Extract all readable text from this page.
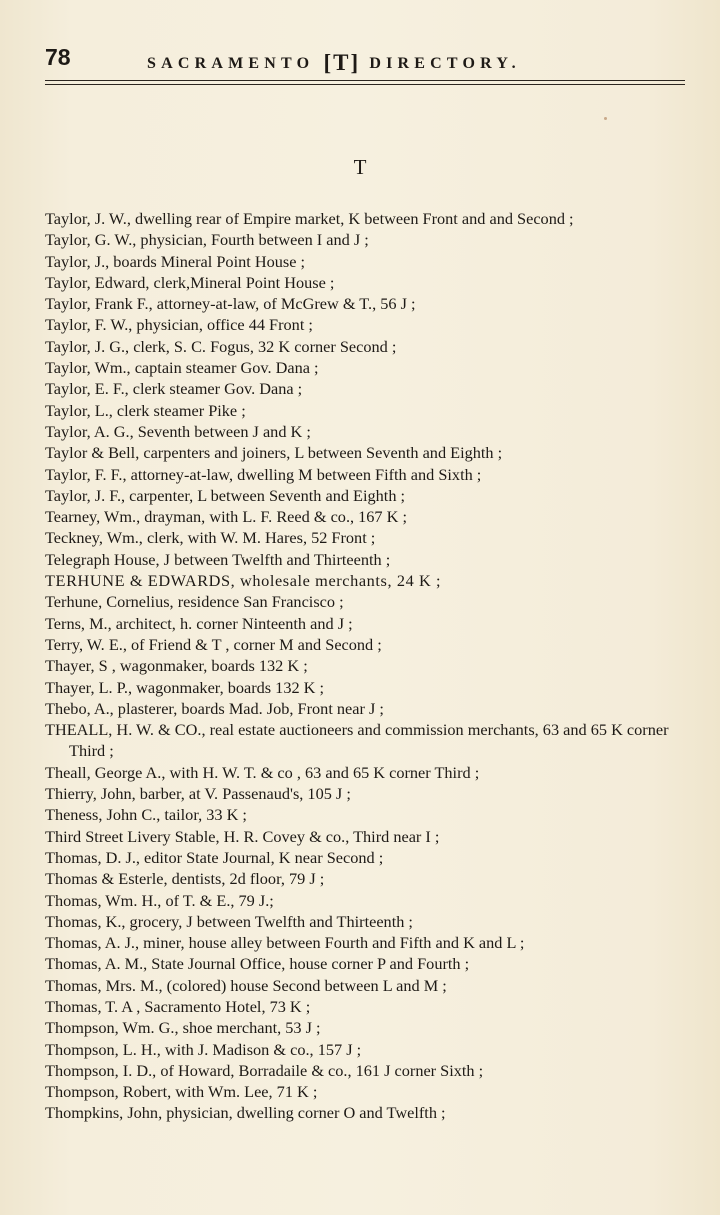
78	SACRAMENTO [T] DIRECTORY.
T
Taylor, J. W., dwelling rear of Empire market, K between Front and and Second ;
Taylor, G. W., physician, Fourth between I and J ;
Taylor, J., boards Mineral Point House ;
Taylor, Edward, clerk,Mineral Point House ;
Taylor, Frank F., attorney-at-law, of McGrew & T., 56 J ;
Taylor, F. W., physician, office 44 Front ;
Taylor, J. G., clerk, S. C. Fogus, 32 K corner Second ;
Taylor, Wm., captain steamer Gov. Dana ;
Taylor, E. F., clerk steamer Gov. Dana ;
Taylor, L., clerk steamer Pike ;
Taylor, A. G., Seventh between J and K ;
Taylor & Bell, carpenters and joiners, L between Seventh and Eighth ;
Taylor, F. F., attorney-at-law, dwelling M between Fifth and Sixth ;
Taylor, J. F., carpenter, L between Seventh and Eighth ;
Tearney, Wm., drayman, with L. F. Reed & co., 167 K ;
Teckney, Wm., clerk, with W. M. Hares, 52 Front ;
Telegraph House, J between Twelfth and Thirteenth ;
TERHUNE & EDWARDS, wholesale merchants, 24 K ;
Terhune, Cornelius, residence San Francisco ;
Terns, M., architect, h. corner Ninteenth and J ;
Terry, W. E., of Friend & T , corner M and Second ;
Thayer, S , wagonmaker, boards 132 K ;
Thayer, L. P., wagonmaker, boards 132 K ;
Thebo, A., plasterer, boards Mad. Job, Front near J ;
THEALL, H. W. & CO., real estate auctioneers and commission merchants, 63 and 65 K corner Third ;
Theall, George A., with H. W. T. & co , 63 and 65 K corner Third ;
Thierry, John, barber, at V. Passenaud's, 105 J ;
Theness, John C., tailor, 33 K ;
Third Street Livery Stable, H. R. Covey & co., Third near I ;
Thomas, D. J., editor State Journal, K near Second ;
Thomas & Esterle, dentists, 2d floor, 79 J ;
Thomas, Wm. H., of T. & E., 79 J.;
Thomas, K., grocery, J between Twelfth and Thirteenth ;
Thomas, A. J., miner, house alley between Fourth and Fifth and K and L ;
Thomas, A. M., State Journal Office, house corner P and Fourth ;
Thomas, Mrs. M., (colored) house Second between L and M ;
Thomas, T. A , Sacramento Hotel, 73 K ;
Thompson, Wm. G., shoe merchant, 53 J ;
Thompson, L. H., with J. Madison & co., 157 J ;
Thompson, I. D., of Howard, Borradaile & co., 161 J corner Sixth ;
Thompson, Robert, with Wm. Lee, 71 K ;
Thompkins, John, physician, dwelling corner O and Twelfth ;
